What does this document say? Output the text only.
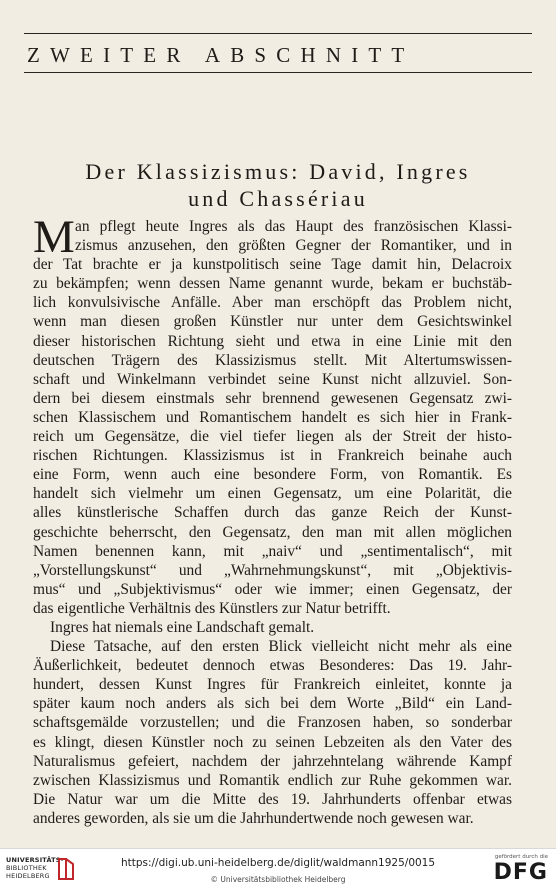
ZWEITER ABSCHNITT
Der Klassizismus: David, Ingres
und Chassériau
M an pflegt heute Ingres als das Haupt des französischen Klassi-
zismus anzusehen, den größten Gegner der Romantiker, und in
der Tat brachte er ja kunstpolitisch seine Tage damit hin, Delacroix
zu bekämpfen; wenn dessen Name genannt wurde, bekam er buchstäb-
lich konvulsivische Anfälle. Aber man erschöpft das Problem nicht,
wenn man diesen großen Künstler nur unter dem Gesichtswinkel
dieser historischen Richtung sieht und etwa in eine Linie mit den
deutschen Trägern des Klassizismus stellt. Mit Altertumswissen-
schaft und Winkelmann verbindet seine Kunst nicht allzuviel. Son-
dern bei diesem einstmals sehr brennend gewesenen Gegensatz zwi-
schen Klassischem und Romantischem handelt es sich hier in Frank-
reich um Gegensätze, die viel tiefer liegen als der Streit der histo-
rischen Richtungen. Klassizismus ist in Frankreich beinahe auch
eine Form, wenn auch eine besondere Form, von Romantik. Es
handelt sich vielmehr um einen Gegensatz, um eine Polarität, die
alles künstlerische Schaffen durch das ganze Reich der Kunst-
geschichte beherrscht, den Gegensatz, den man mit allen möglichen
Namen benennen kann, mit „naiv“ und „sentimentalisch“, mit
„Vorstellungskunst“ und „Wahrnehmungskunst“, mit „Objektivis-
mus“ und „Subjektivismus“ oder wie immer; einen Gegensatz, der
das eigentliche Verhältnis des Künstlers zur Natur betrifft.
Ingres hat niemals eine Landschaft gemalt.
Diese Tatsache, auf den ersten Blick vielleicht nicht mehr als eine
Äußerlichkeit, bedeutet dennoch etwas Besonderes: Das 19. Jahr-
hundert, dessen Kunst Ingres für Frankreich einleitet, konnte ja
später kaum noch anders als sich bei dem Worte „Bild“ ein Land-
schaftsgemälde vorzustellen; und die Franzosen haben, so sonderbar
es klingt, diesen Künstler noch zu seinen Lebzeiten als den Vater des
Naturalismus gefeiert, nachdem der jahrzehntelang währende Kampf
zwischen Klassizismus und Romantik endlich zur Ruhe gekommen war.
Die Natur war um die Mitte des 19. Jahrhunderts offenbar etwas
anderes geworden, als sie um die Jahrhundertwende noch gewesen war.
UNIVERSITÄTS-
BIBLIOTHEK
HEIDELBERG
https://digi.ub.uni-heidelberg.de/diglit/waldmann1925/0015
© Universitätsbibliothek Heidelberg
gefördert durch die
DFG
